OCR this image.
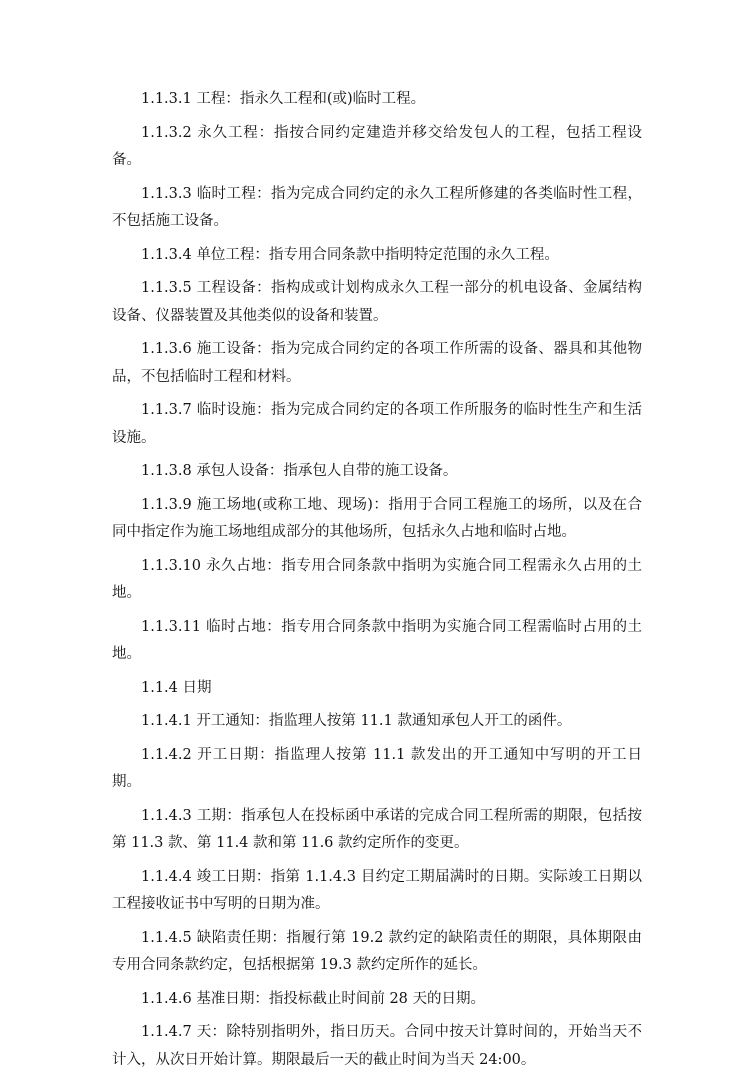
1.1.3.1 工程：指永久工程和(或)临时工程。

1.1.3.2 永久工程：指按合同约定建造并移交给发包人的工程，包括工程设备。

1.1.3.3 临时工程：指为完成合同约定的永久工程所修建的各类临时性工程，不包括施工设备。

1.1.3.4 单位工程：指专用合同条款中指明特定范围的永久工程。

1.1.3.5 工程设备：指构成或计划构成永久工程一部分的机电设备、金属结构设备、仪器装置及其他类似的设备和装置。

1.1.3.6 施工设备：指为完成合同约定的各项工作所需的设备、器具和其他物品，不包括临时工程和材料。

1.1.3.7 临时设施：指为完成合同约定的各项工作所服务的临时性生产和生活设施。

1.1.3.8 承包人设备：指承包人自带的施工设备。

1.1.3.9 施工场地(或称工地、现场)：指用于合同工程施工的场所，以及在合同中指定作为施工场地组成部分的其他场所，包括永久占地和临时占地。

1.1.3.10 永久占地：指专用合同条款中指明为实施合同工程需永久占用的土地。

1.1.3.11 临时占地：指专用合同条款中指明为实施合同工程需临时占用的土地。

1.1.4 日期

1.1.4.1 开工通知：指监理人按第 11.1 款通知承包人开工的函件。

1.1.4.2 开工日期：指监理人按第 11.1 款发出的开工通知中写明的开工日期。

1.1.4.3 工期：指承包人在投标函中承诺的完成合同工程所需的期限，包括按第 11.3 款、第 11.4 款和第 11.6 款约定所作的变更。

1.1.4.4 竣工日期：指第 1.1.4.3 目约定工期届满时的日期。实际竣工日期以工程接收证书中写明的日期为准。

1.1.4.5 缺陷责任期：指履行第 19.2 款约定的缺陷责任的期限，具体期限由专用合同条款约定，包括根据第 19.3 款约定所作的延长。

1.1.4.6 基准日期：指投标截止时间前 28 天的日期。

1.1.4.7 天：除特别指明外，指日历天。合同中按天计算时间的，开始当天不计入，从次日开始计算。期限最后一天的截止时间为当天 24:00。
